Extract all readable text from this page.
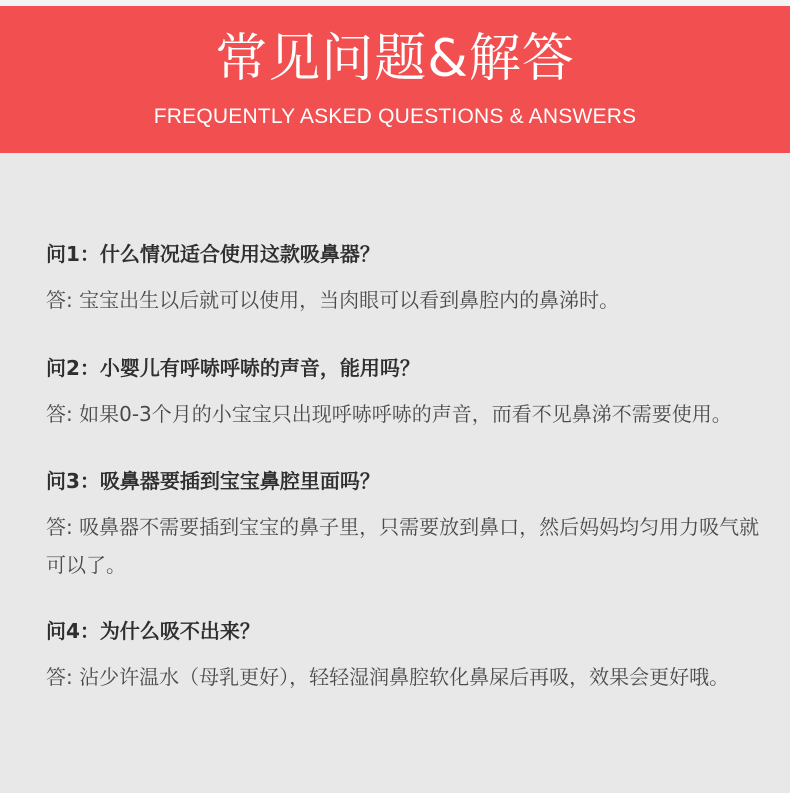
常见问题&解答
FREQUENTLY ASKED QUESTIONS & ANSWERS
问1：什么情况适合使用这款吸鼻器？
答: 宝宝出生以后就可以使用，当肉眼可以看到鼻腔内的鼻涕时。
问2：小婴儿有呼哧呼哧的声音，能用吗？
答: 如果0-3个月的小宝宝只出现呼哧呼哧的声音，而看不见鼻涕不需要使用。
问3：吸鼻器要插到宝宝鼻腔里面吗？
答: 吸鼻器不需要插到宝宝的鼻子里，只需要放到鼻口，然后妈妈均匀用力吸气就可以了。
问4：为什么吸不出来？
答: 沾少许温水（母乳更好），轻轻湿润鼻腔软化鼻屎后再吸，效果会更好哦。
